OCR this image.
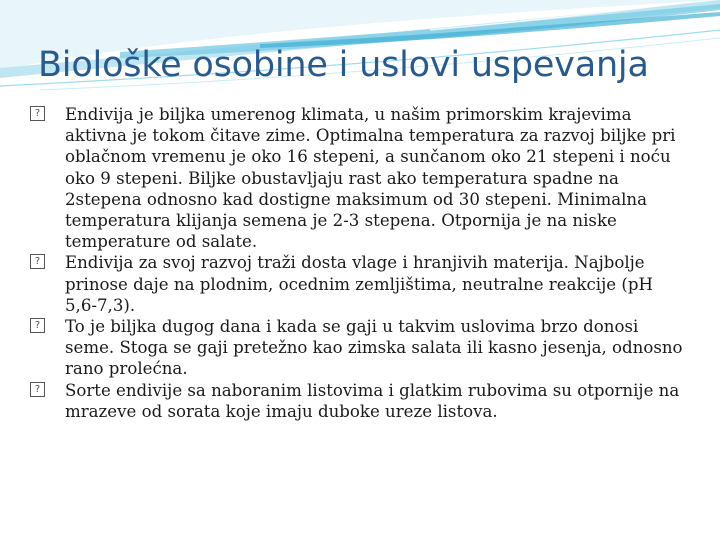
Biološke osobine i uslovi uspevanja

? Endivija je biljka umerenog klimata, u našim primorskim krajevima aktivna je tokom čitave zime. Optimalna temperatura za razvoj biljke pri oblačnom vremenu je oko 16 stepeni, a sunčanom oko 21 stepeni i noću oko 9 stepeni. Biljke obustavljaju rast ako temperatura spadne na 2stepena odnosno kad dostigne maksimum od 30 stepeni. Minimalna temperatura klijanja semena je 2-3 stepena. Otpornija je na niske temperature od salate.

? Endivija za svoj razvoj traži dosta vlage i hranjivih materija. Najbolje prinose daje na plodnim, ocednim zemljištima, neutralne reakcije (pH 5,6-7,3).

? To je biljka dugog dana i kada se gaji u takvim uslovima brzo donosi seme. Stoga se gaji pretežno kao zimska salata ili kasno jesenja, odnosno rano prolećna.

? Sorte endivije sa naboranim listovima i glatkim rubovima su otpornije na mrazeve od sorata koje imaju duboke ureze listova.
